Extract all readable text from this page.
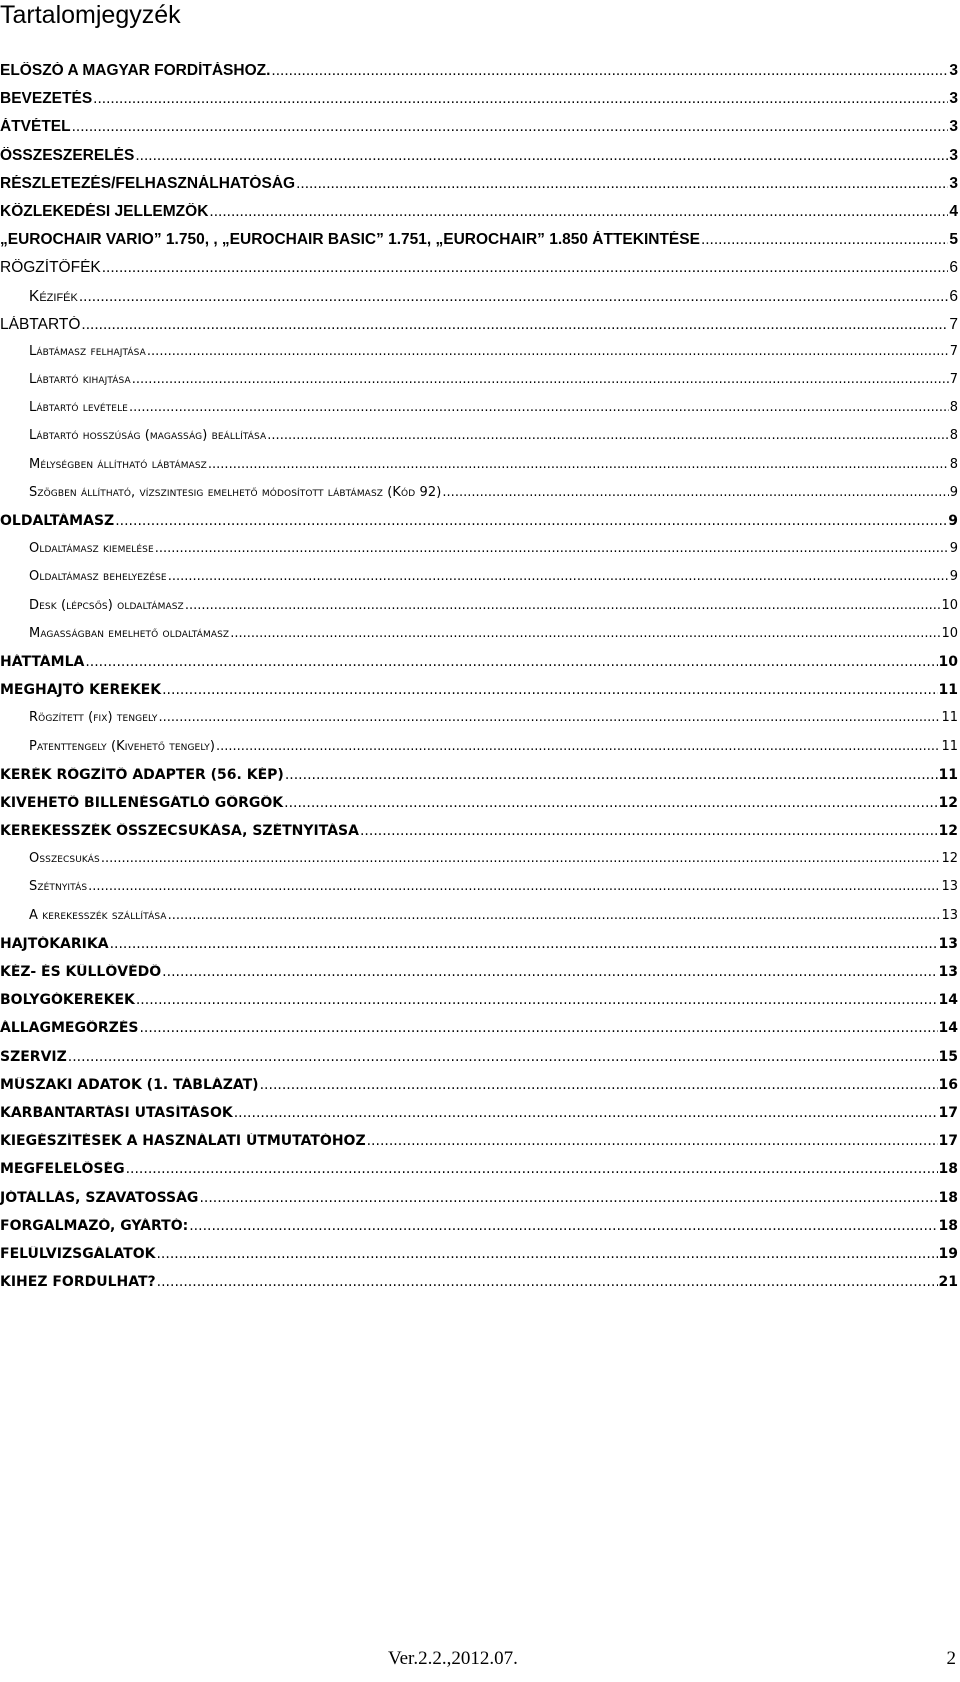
Tartalomjegyzék
ELŐSZÓ A MAGYAR FORDÍTÁSHOZ. .....	3
BEVEZETÉS .....	3
ÁTVÉTEL .....	3
ÖSSZESZERELÉS .....	3
RÉSZLETEZÉS/FELHASZNÁLHATÓSÁG .....	3
KÖZLEKEDÉSI JELLEMZŐK .....	4
„EUROCHAIR VARIO” 1.750, , „EUROCHAIR BASIC” 1.751, „EUROCHAIR” 1.850 ÁTTEKINTÉSE .....	5
RÖGZÍTŐFÉK .....	6
Kézifék .....	6
LÁBTARTÓ .....	7
Lábtámasz felhajtása .....	7
Lábtartó kihajtása .....	7
Lábtartó levétele .....	8
Lábtartó hosszúság (magasság) beállítása .....	8
Mélységben állítható lábtámasz .....	8
Szögben állítható, vízszintesig emelhető módosított lábtámasz (Kód 92) .....	9
OLDALTÁMASZ .....	9
Oldaltámasz kiemelése .....	9
Oldaltámasz behelyezése .....	9
Desk (lépcsős) oldaltámasz .....	10
Magasságban emelhető oldaltámasz .....	10
HÁTTÁMLA .....	10
MEGHAJTÓ KEREKEK .....	11
Rögzített (fix) tengely .....	11
Patenttengely (Kivehető tengely) .....	11
KERÉK RÖGZÍTŐ ADAPTER (56. KÉP) .....	11
KIVEHETŐ BILLENÉSGÁTLÓ GÖRGŐK .....	12
KEREKESSZÉK ÖSSZECSUKÁSA, SZÉTNYITÁSA .....	12
Összecsukás .....	12
Szétnyitás .....	13
A kerekesszék szállítása .....	13
HAJTÓKARIKA .....	13
KÉZ- ÉS KÜLLŐVÉDŐ .....	13
BOLYGÓKEREKEK .....	14
ÁLLAGMEGŐRZÉS .....	14
SZERVIZ .....	15
MŰSZAKI ADATOK (1. TÁBLÁZAT) .....	16
KARBANTARTÁSI UTASÍTÁSOK .....	17
KIEGÉSZÍTÉSEK A HASZNÁLATI ÚTMUTATÓHOZ .....	17
MEGFELELŐSÉG .....	18
JÓTÁLLÁS, SZAVATOSSÁG .....	18
FORGALMAZÓ, GYÁRTÓ: .....	18
FELÜLVIZSGÁLATOK .....	19
KIHEZ FORDULHAT? .....	21
Ver.2.2.,2012.07.	2
